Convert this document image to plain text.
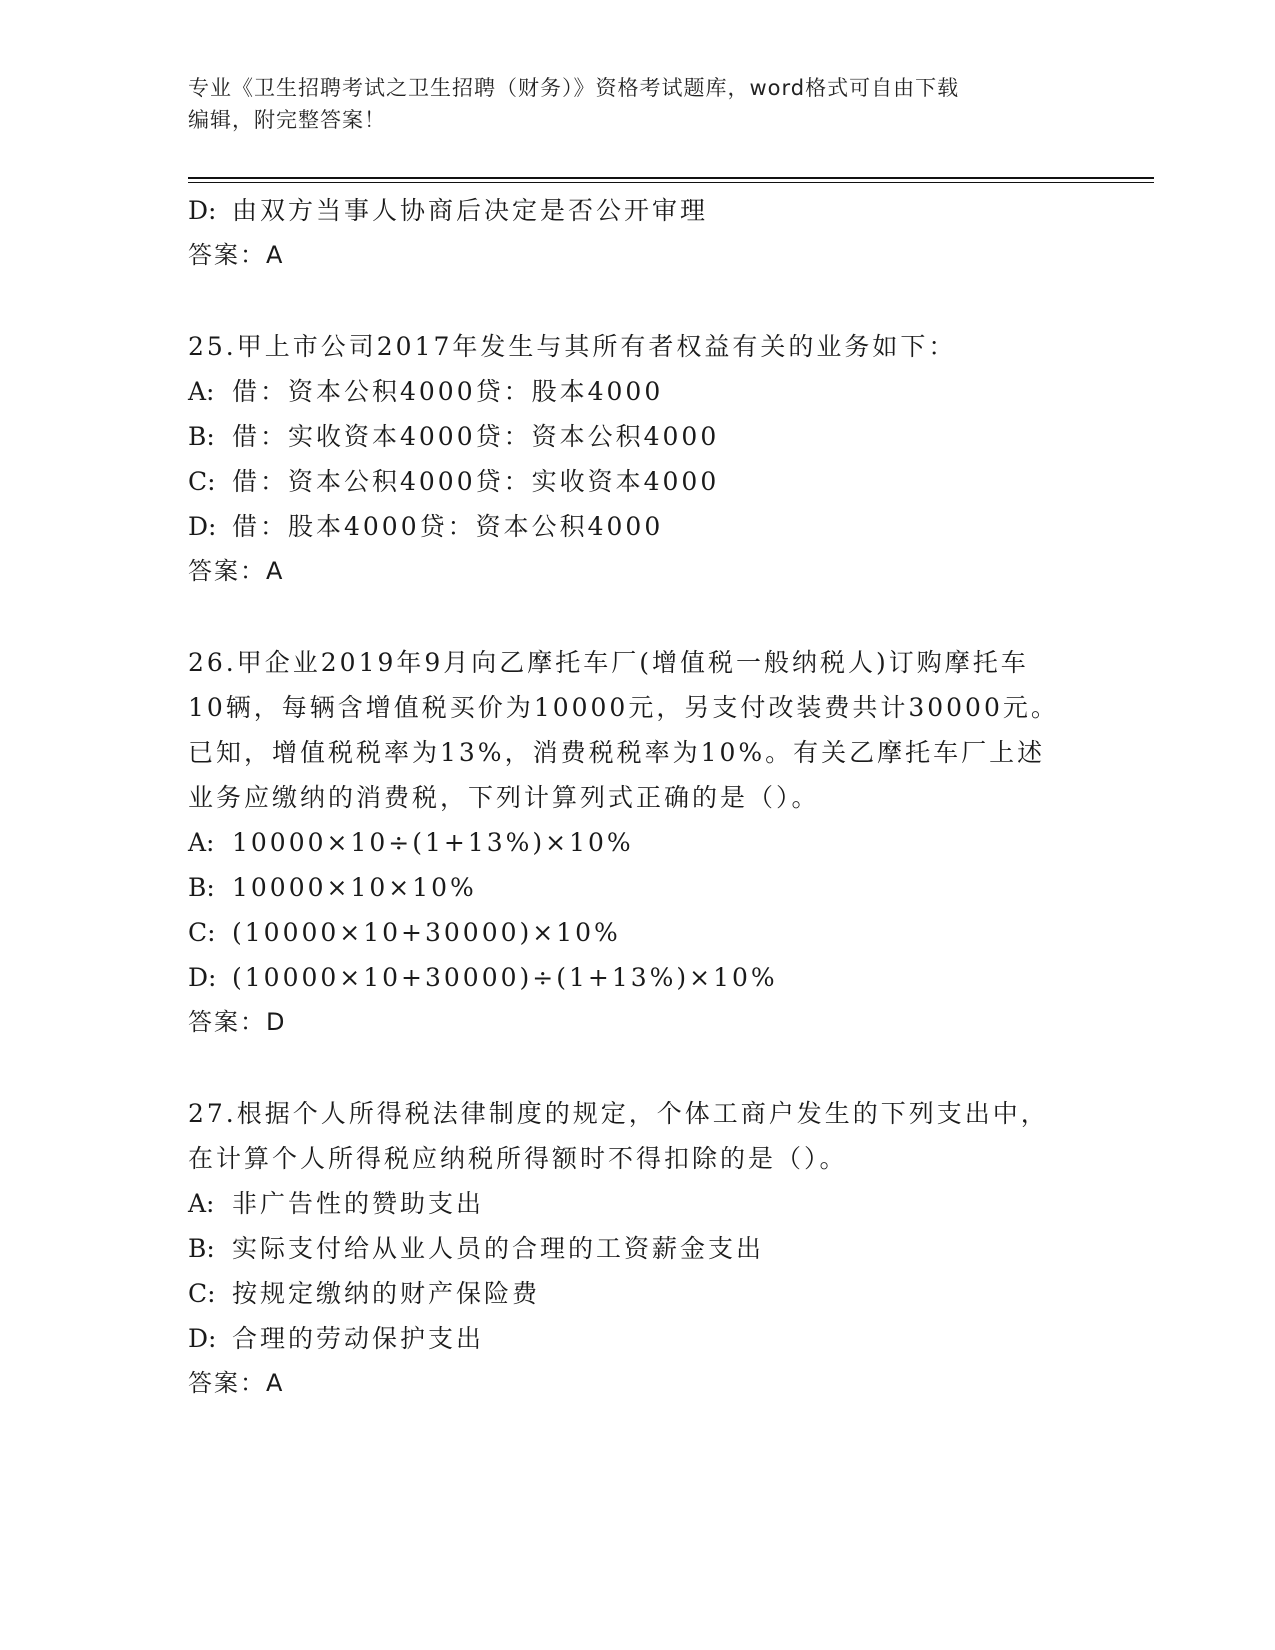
专业《卫生招聘考试之卫生招聘（财务）》资格考试题库，word格式可自由下载
编辑，附完整答案！
D: 由双方当事人协商后决定是否公开审理
答案：A
25.甲上市公司2017年发生与其所有者权益有关的业务如下：
A: 借：资本公积4000贷：股本4000
B: 借：实收资本4000贷：资本公积4000
C: 借：资本公积4000贷：实收资本4000
D: 借：股本4000贷：资本公积4000
答案：A
26.甲企业2019年9月向乙摩托车厂(增值税一般纳税人)订购摩托车
10辆，每辆含增值税买价为10000元，另支付改装费共计30000元。
已知，增值税税率为13%，消费税税率为10%。有关乙摩托车厂上述
业务应缴纳的消费税，下列计算列式正确的是（）。
A: 10000×10÷(1+13%)×10%
B: 10000×10×10%
C: (10000×10+30000)×10%
D: (10000×10+30000)÷(1+13%)×10%
答案：D
27.根据个人所得税法律制度的规定，个体工商户发生的下列支出中，
在计算个人所得税应纳税所得额时不得扣除的是（）。
A: 非广告性的赞助支出
B: 实际支付给从业人员的合理的工资薪金支出
C: 按规定缴纳的财产保险费
D: 合理的劳动保护支出
答案：A
